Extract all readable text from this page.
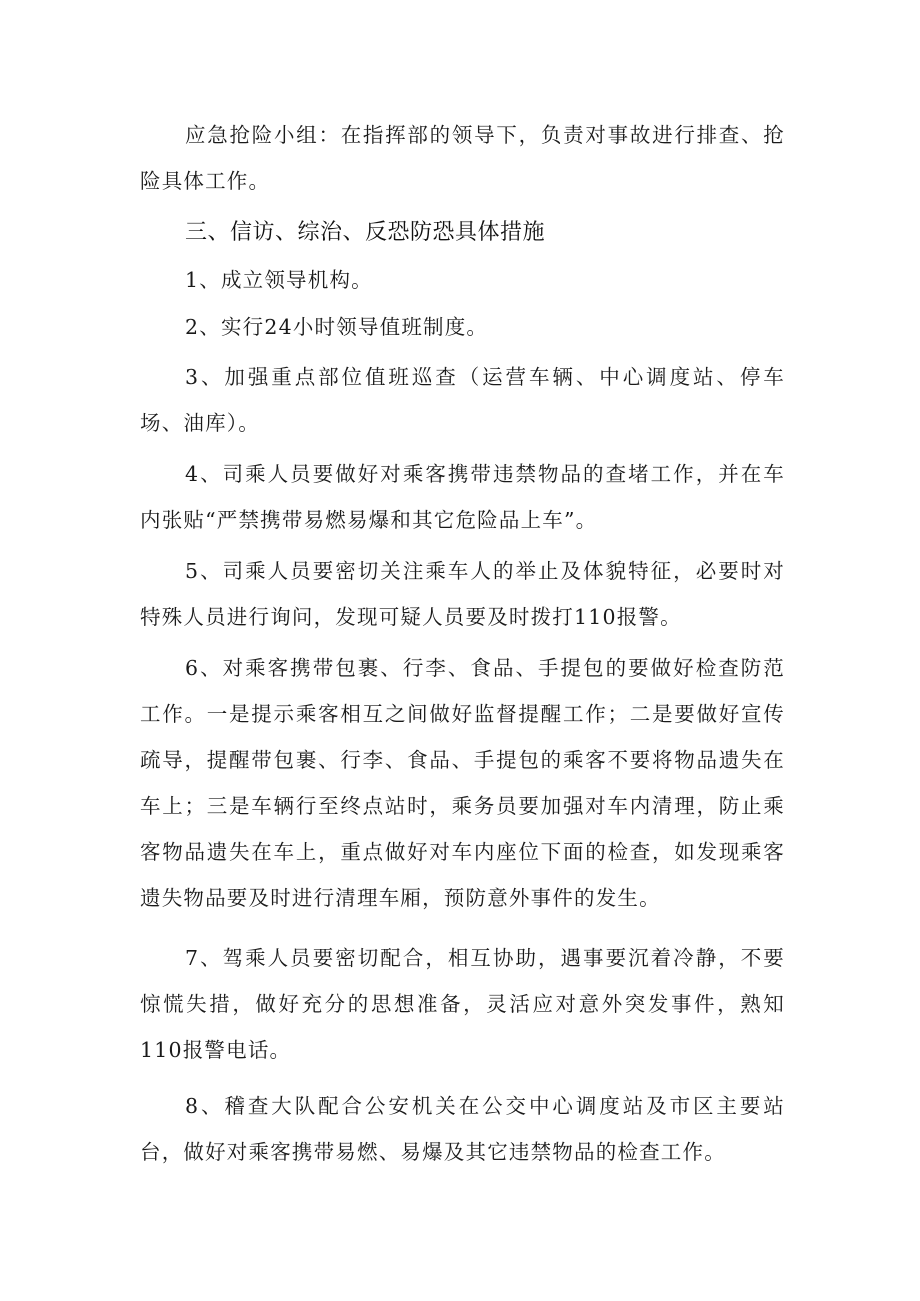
应急抢险小组：在指挥部的领导下，负责对事故进行排查、抢险具体工作。

三、信访、综治、反恐防恐具体措施

1、成立领导机构。

2、实行24小时领导值班制度。

3、加强重点部位值班巡查（运营车辆、中心调度站、停车场、油库）。

4、司乘人员要做好对乘客携带违禁物品的查堵工作，并在车内张贴“严禁携带易燃易爆和其它危险品上车”。

5、司乘人员要密切关注乘车人的举止及体貌特征，必要时对特殊人员进行询问，发现可疑人员要及时拨打110报警。

6、对乘客携带包裹、行李、食品、手提包的要做好检查防范工作。一是提示乘客相互之间做好监督提醒工作；二是要做好宣传疏导，提醒带包裹、行李、食品、手提包的乘客不要将物品遗失在车上；三是车辆行至终点站时，乘务员要加强对车内清理，防止乘客物品遗失在车上，重点做好对车内座位下面的检查，如发现乘客遗失物品要及时进行清理车厢，预防意外事件的发生。

7、驾乘人员要密切配合，相互协助，遇事要沉着冷静，不要惊慌失措，做好充分的思想准备，灵活应对意外突发事件，熟知110报警电话。

8、稽查大队配合公安机关在公交中心调度站及市区主要站台，做好对乘客携带易燃、易爆及其它违禁物品的检查工作。
